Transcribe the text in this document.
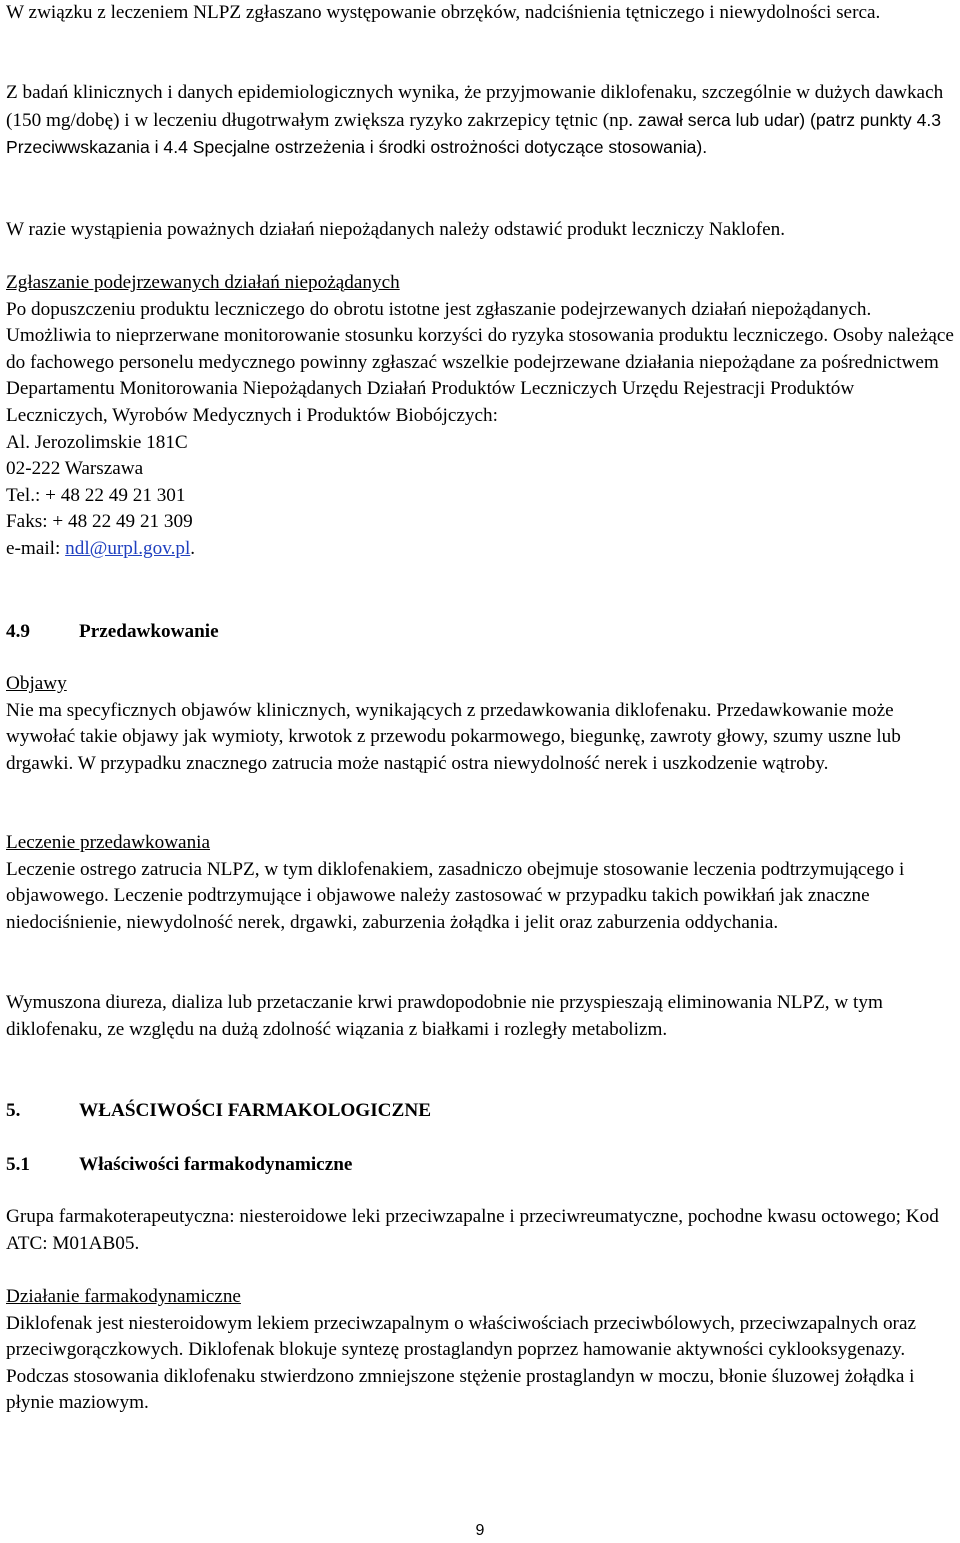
W związku z leczeniem NLPZ zgłaszano występowanie obrzęków, nadciśnienia tętniczego i niewydolności serca.

Z badań klinicznych i danych epidemiologicznych wynika, że przyjmowanie diklofenaku, szczególnie w dużych dawkach (150 mg/dobę) i w leczeniu długotrwałym zwiększa ryzyko zakrzepicy tętnic (np. zawał serca lub udar) (patrz punkty 4.3 Przeciwwskazania i 4.4 Specjalne ostrzeżenia i środki ostrożności dotyczące stosowania).

W razie wystąpienia poważnych działań niepożądanych należy odstawić produkt leczniczy Naklofen.

Zgłaszanie podejrzewanych działań niepożądanych
Po dopuszczeniu produktu leczniczego do obrotu istotne jest zgłaszanie podejrzewanych działań niepożądanych. Umożliwia to nieprzerwane monitorowanie stosunku korzyści do ryzyka stosowania produktu leczniczego. Osoby należące do fachowego personelu medycznego powinny zgłaszać wszelkie podejrzewane działania niepożądane za pośrednictwem Departamentu Monitorowania Niepożądanych Działań Produktów Leczniczych Urzędu Rejestracji Produktów Leczniczych, Wyrobów Medycznych i Produktów Biobójczych:
Al. Jerozolimskie 181C
02-222 Warszawa
Tel.: + 48 22 49 21 301
Faks: + 48 22 49 21 309
e-mail: ndl@urpl.gov.pl.
4.9	Przedawkowanie
Objawy
Nie ma specyficznych objawów klinicznych, wynikających z przedawkowania diklofenaku. Przedawkowanie może wywołać takie objawy jak wymioty, krwotok z przewodu pokarmowego, biegunkę, zawroty głowy, szumy uszne lub drgawki. W przypadku znacznego zatrucia może nastąpić ostra niewydolność nerek i uszkodzenie wątroby.
Leczenie przedawkowania
Leczenie ostrego zatrucia NLPZ, w tym diklofenakiem, zasadniczo obejmuje stosowanie leczenia podtrzymującego i objawowego. Leczenie podtrzymujące i objawowe należy zastosować w przypadku takich powikłań jak znaczne niedociśnienie, niewydolność nerek, drgawki, zaburzenia żołądka i jelit oraz zaburzenia oddychania.

Wymuszona diureza, dializa lub przetaczanie krwi prawdopodobnie nie przyspieszają eliminowania NLPZ, w tym diklofenaku, ze względu na dużą zdolność wiązania z białkami i rozległy metabolizm.

5.	WŁAŚCIWOŚCI FARMAKOLOGICZNE
5.1	Właściwości farmakodynamiczne

Grupa farmakoterapeutyczna: niesteroidowe leki przeciwzapalne i przeciwreumatyczne, pochodne kwasu octowego; Kod ATC: M01AB05.

Działanie farmakodynamiczne
Diklofenak jest niesteroidowym lekiem przeciwzapalnym o właściwościach przeciwbólowych, przeciwzapalnych oraz przeciwgorączkowych. Diklofenak blokuje syntezę prostaglandyn poprzez hamowanie aktywności cyklooksygenazy. Podczas stosowania diklofenaku stwierdzono zmniejszone stężenie prostaglandyn w moczu, błonie śluzowej żołądka i płynie maziowym.
9
